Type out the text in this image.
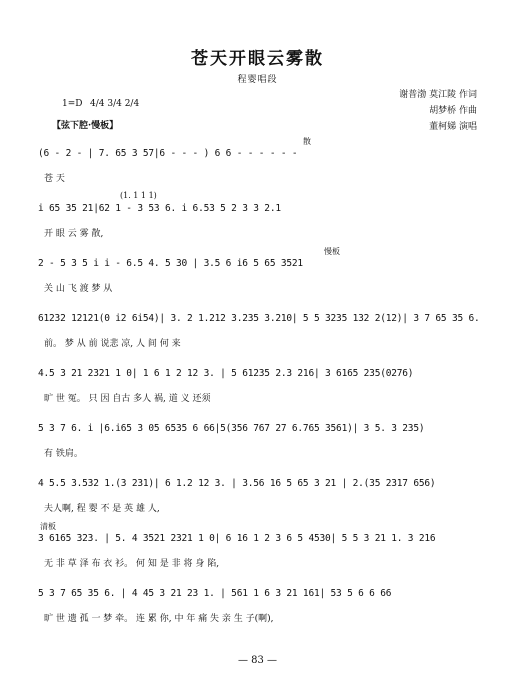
苍天开眼云雾散
程婴唱段
谢普渤 莫江陵 作词
胡梦桥 作曲
董柯娣 演唱
1=D 4/4 3/4 2/4
【弦下腔·慢板】
(6 - 2 - | 7. 65 3 57|6 - - - ) 6 6 - - - - - -
苍 天
散
i 65 35 21|62 1 - 3 53 6. i 6.53 5 2 3 3 2.1
开 眼 云 雾 散,
(1. 1 1 1)
2 - 5 3 5 i i - 6.5 4. 5 30 | 3.5 6 i6 5 65 3521
关 山 飞 渡 梦 从
慢板
61232 12121(0 i2 6i54)| 3. 2 1.212 3.235 3.210| 5 5 3235 132 2(12)| 3 7 65 35 6.
前。 梦 从 前 说悲 凉, 人 间 何 来
4.5 3 21 2321 1 0| 1 6 1 2 12 3. | 5 61235 2.3 216| 3 6165 235(0276)
旷 世 冤。 只 因 自古 多人 祸, 道 义 还须
5 3 7 6. i |6.i65 3 05 6535 6 66|5(356 767 27 6.765 3561)| 3 5. 3 235)
有 铁肩。
4 5.5 3.532 1.(3 231)| 6 1.2 12 3. | 3.56 16 5 65 3 21 | 2.(35 2317 656)
夫人啊, 程 婴 不 是 英 雄 人,
3 6165 323. | 5. 4 3521 2321 1 0| 6 16 1 2 3 6 5 4530| 5 5 3 21 1. 3 216
无 非 草 泽 布 衣 衫。 何 知 是 非 将 身 陷,
清板
5 3 7 65 35 6. | 4 45 3 21 23 1. | 561 1 6 3 21 161| 53 5 6 6 66
旷 世 遗 孤 一 梦 牵。 连 累 你, 中 年 痛 失 亲 生 子(啊),
— 83 —
